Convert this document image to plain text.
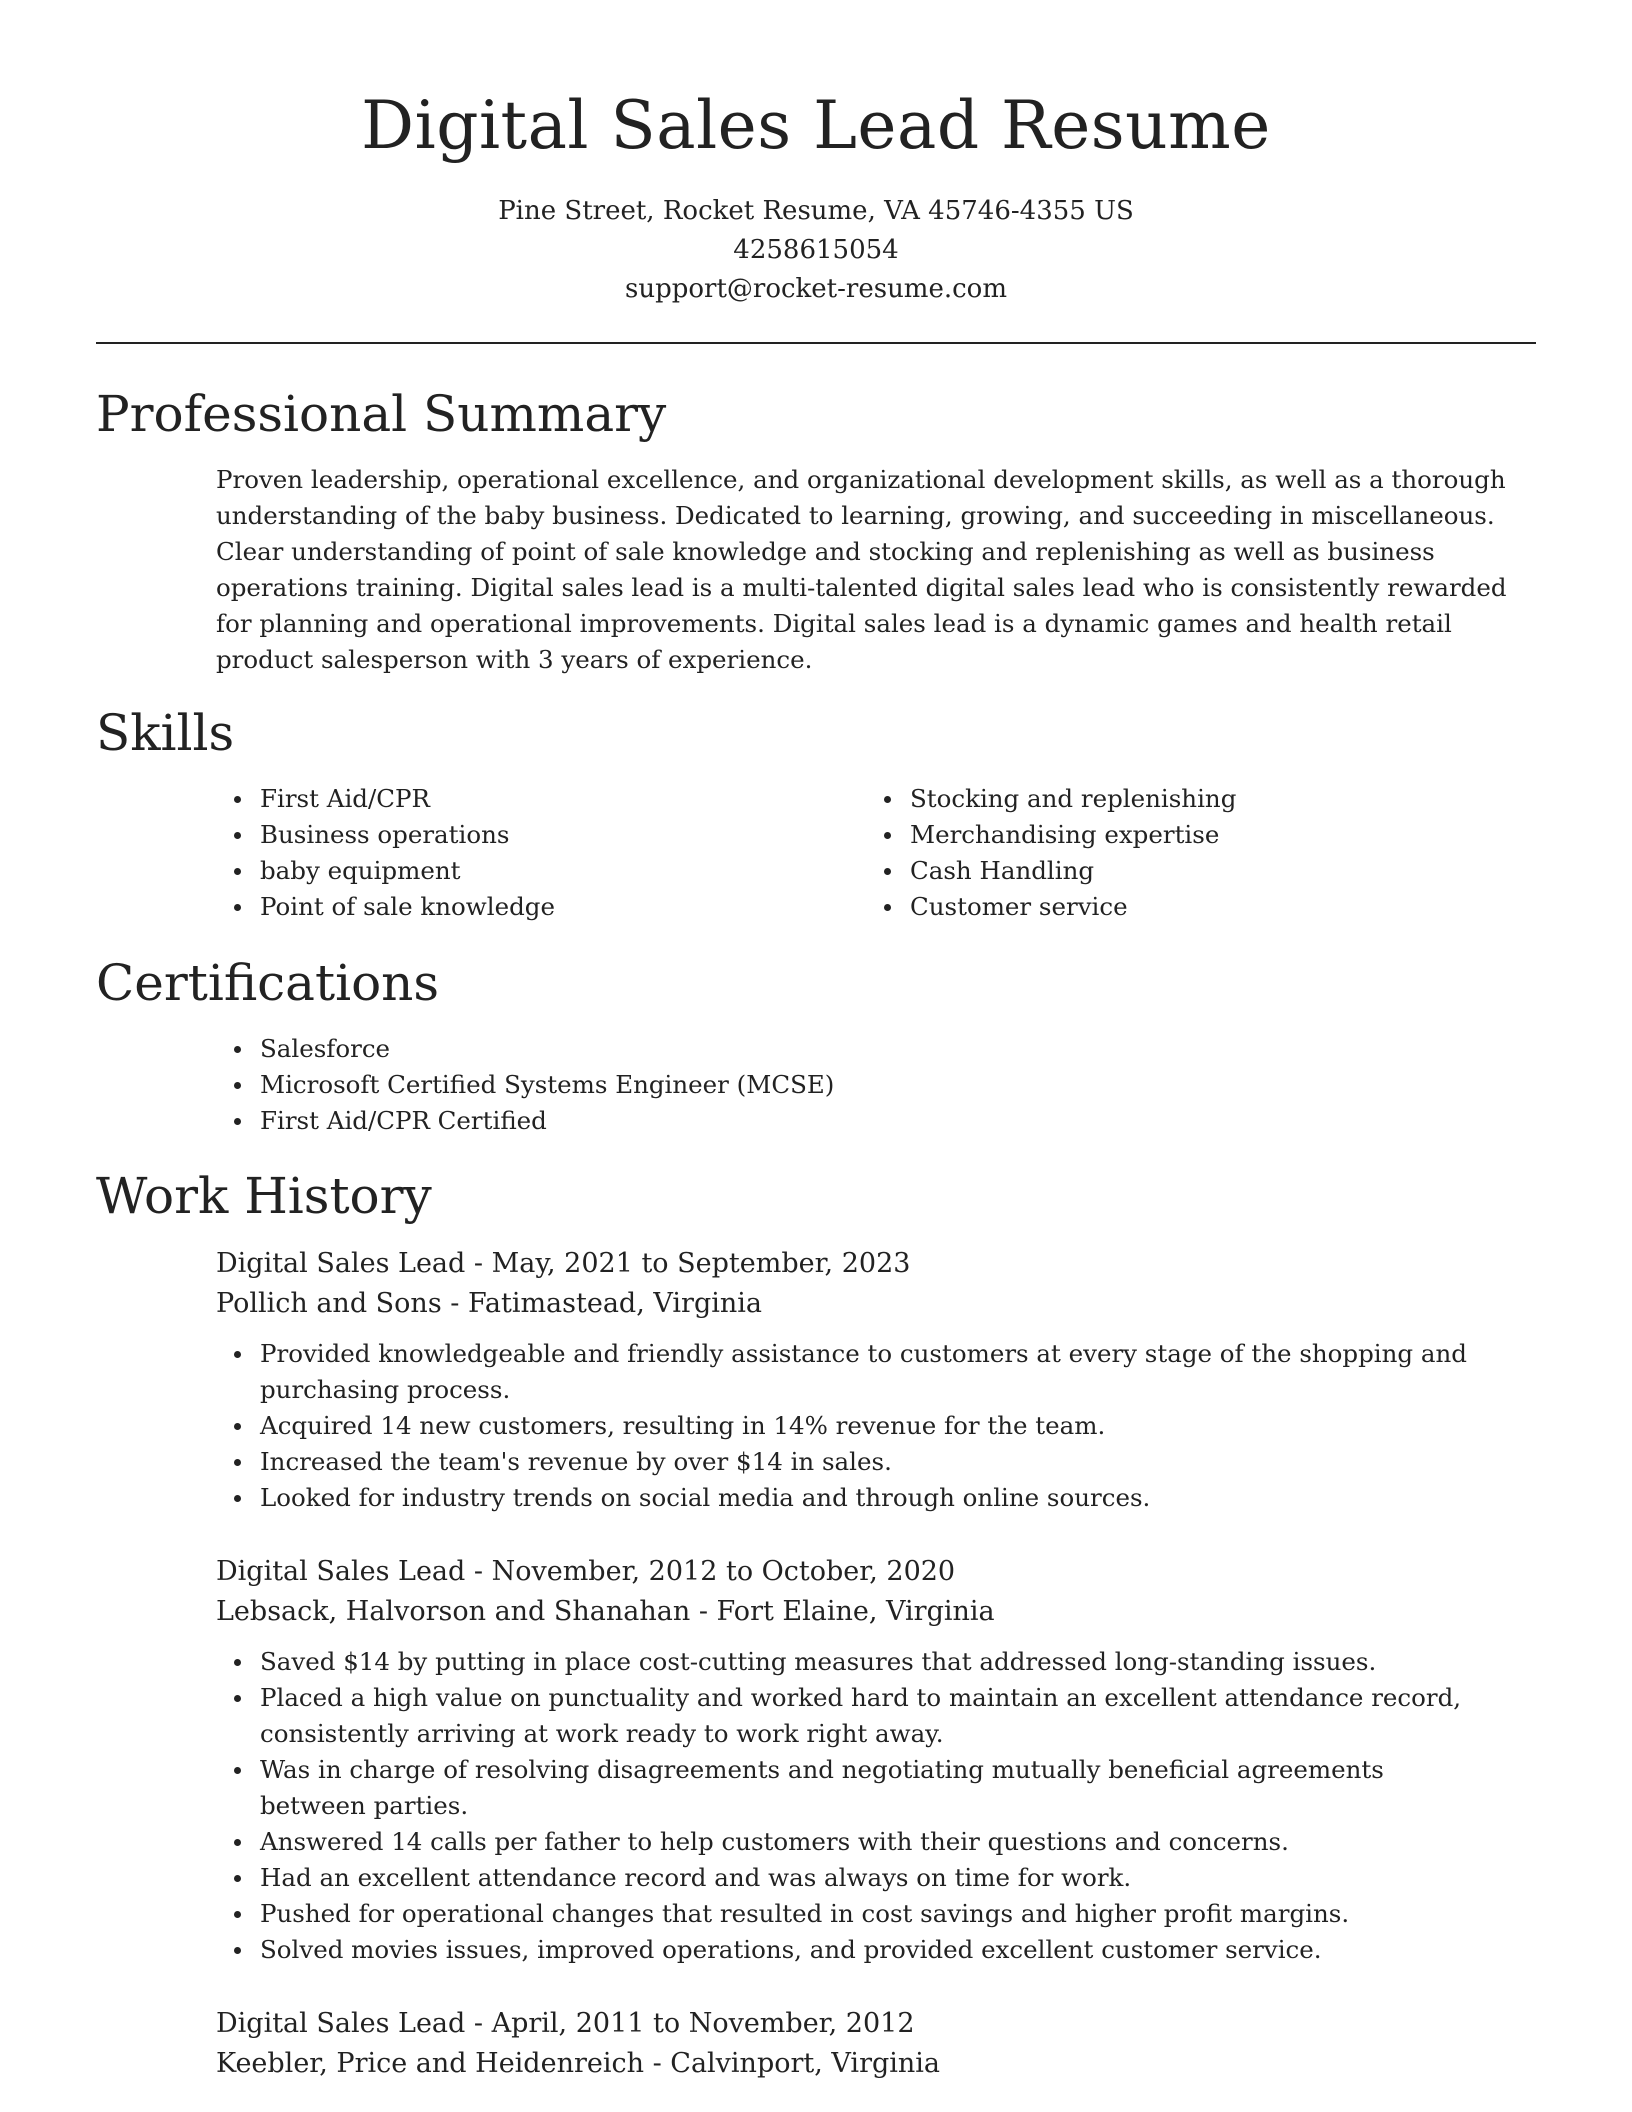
Digital Sales Lead Resume
Pine Street, Rocket Resume, VA 45746-4355 US
4258615054
support@rocket-resume.com
Professional Summary

Proven leadership, operational excellence, and organizational development skills, as well as a thorough understanding of the baby business. Dedicated to learning, growing, and succeeding in miscellaneous. Clear understanding of point of sale knowledge and stocking and replenishing as well as business operations training. Digital sales lead is a multi-talented digital sales lead who is consistently rewarded for planning and operational improvements. Digital sales lead is a dynamic games and health retail product salesperson with 3 years of experience.

Skills
First Aid/CPR
Business operations
baby equipment
Point of sale knowledge
Stocking and replenishing
Merchandising expertise
Cash Handling
Customer service
Certifications
Salesforce
Microsoft Certified Systems Engineer (MCSE)
First Aid/CPR Certified
Work History
Digital Sales Lead - May, 2021 to September, 2023
Pollich and Sons - Fatimastead, Virginia
Provided knowledgeable and friendly assistance to customers at every stage of the shopping and purchasing process.
Acquired 14 new customers, resulting in 14% revenue for the team.
Increased the team's revenue by over $14 in sales.
Looked for industry trends on social media and through online sources.
Digital Sales Lead - November, 2012 to October, 2020
Lebsack, Halvorson and Shanahan - Fort Elaine, Virginia
Saved $14 by putting in place cost-cutting measures that addressed long-standing issues.
Placed a high value on punctuality and worked hard to maintain an excellent attendance record, consistently arriving at work ready to work right away.
Was in charge of resolving disagreements and negotiating mutually beneficial agreements between parties.
Answered 14 calls per father to help customers with their questions and concerns.
Had an excellent attendance record and was always on time for work.
Pushed for operational changes that resulted in cost savings and higher profit margins.
Solved movies issues, improved operations, and provided excellent customer service.
Digital Sales Lead - April, 2011 to November, 2012
Keebler, Price and Heidenreich - Calvinport, Virginia
